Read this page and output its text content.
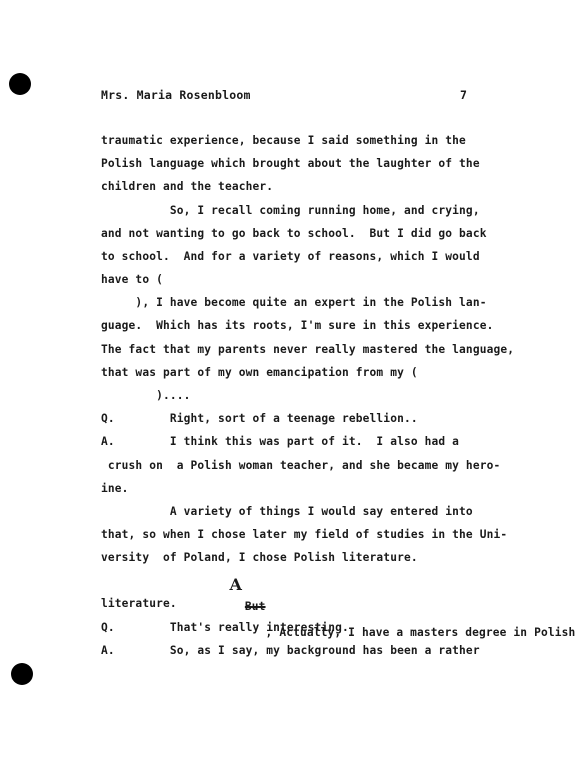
Mrs. Maria Rosenbloom	7
traumatic experience, because I said something in the
Polish language which brought about the laughter of the
children and the teacher.
So, I recall coming running home, and crying,
and not wanting to go back to school.  But I did go back
to school.  And for a variety of reasons, which I would
have to (
), I have become quite an expert in the Polish lan-
guage.  Which has its roots, I'm sure in this experience.
The fact that my parents never really mastered the language,
that was part of my own emancipation from my (
)....
Q.        Right, sort of a teenage rebellion..
A.        I think this was part of it.  I also had a
crush on  a Polish woman teacher, and she became my hero-
ine.
A variety of things I would say entered into
that, so when I chose later my field of studies in the Uni-
versity  of Poland, I chose Polish literature.

But

A

, Actually, I have a masters degree in Polish

literature.
Q.        That's really interesting.
A.        So, as I say, my background has been a rather
